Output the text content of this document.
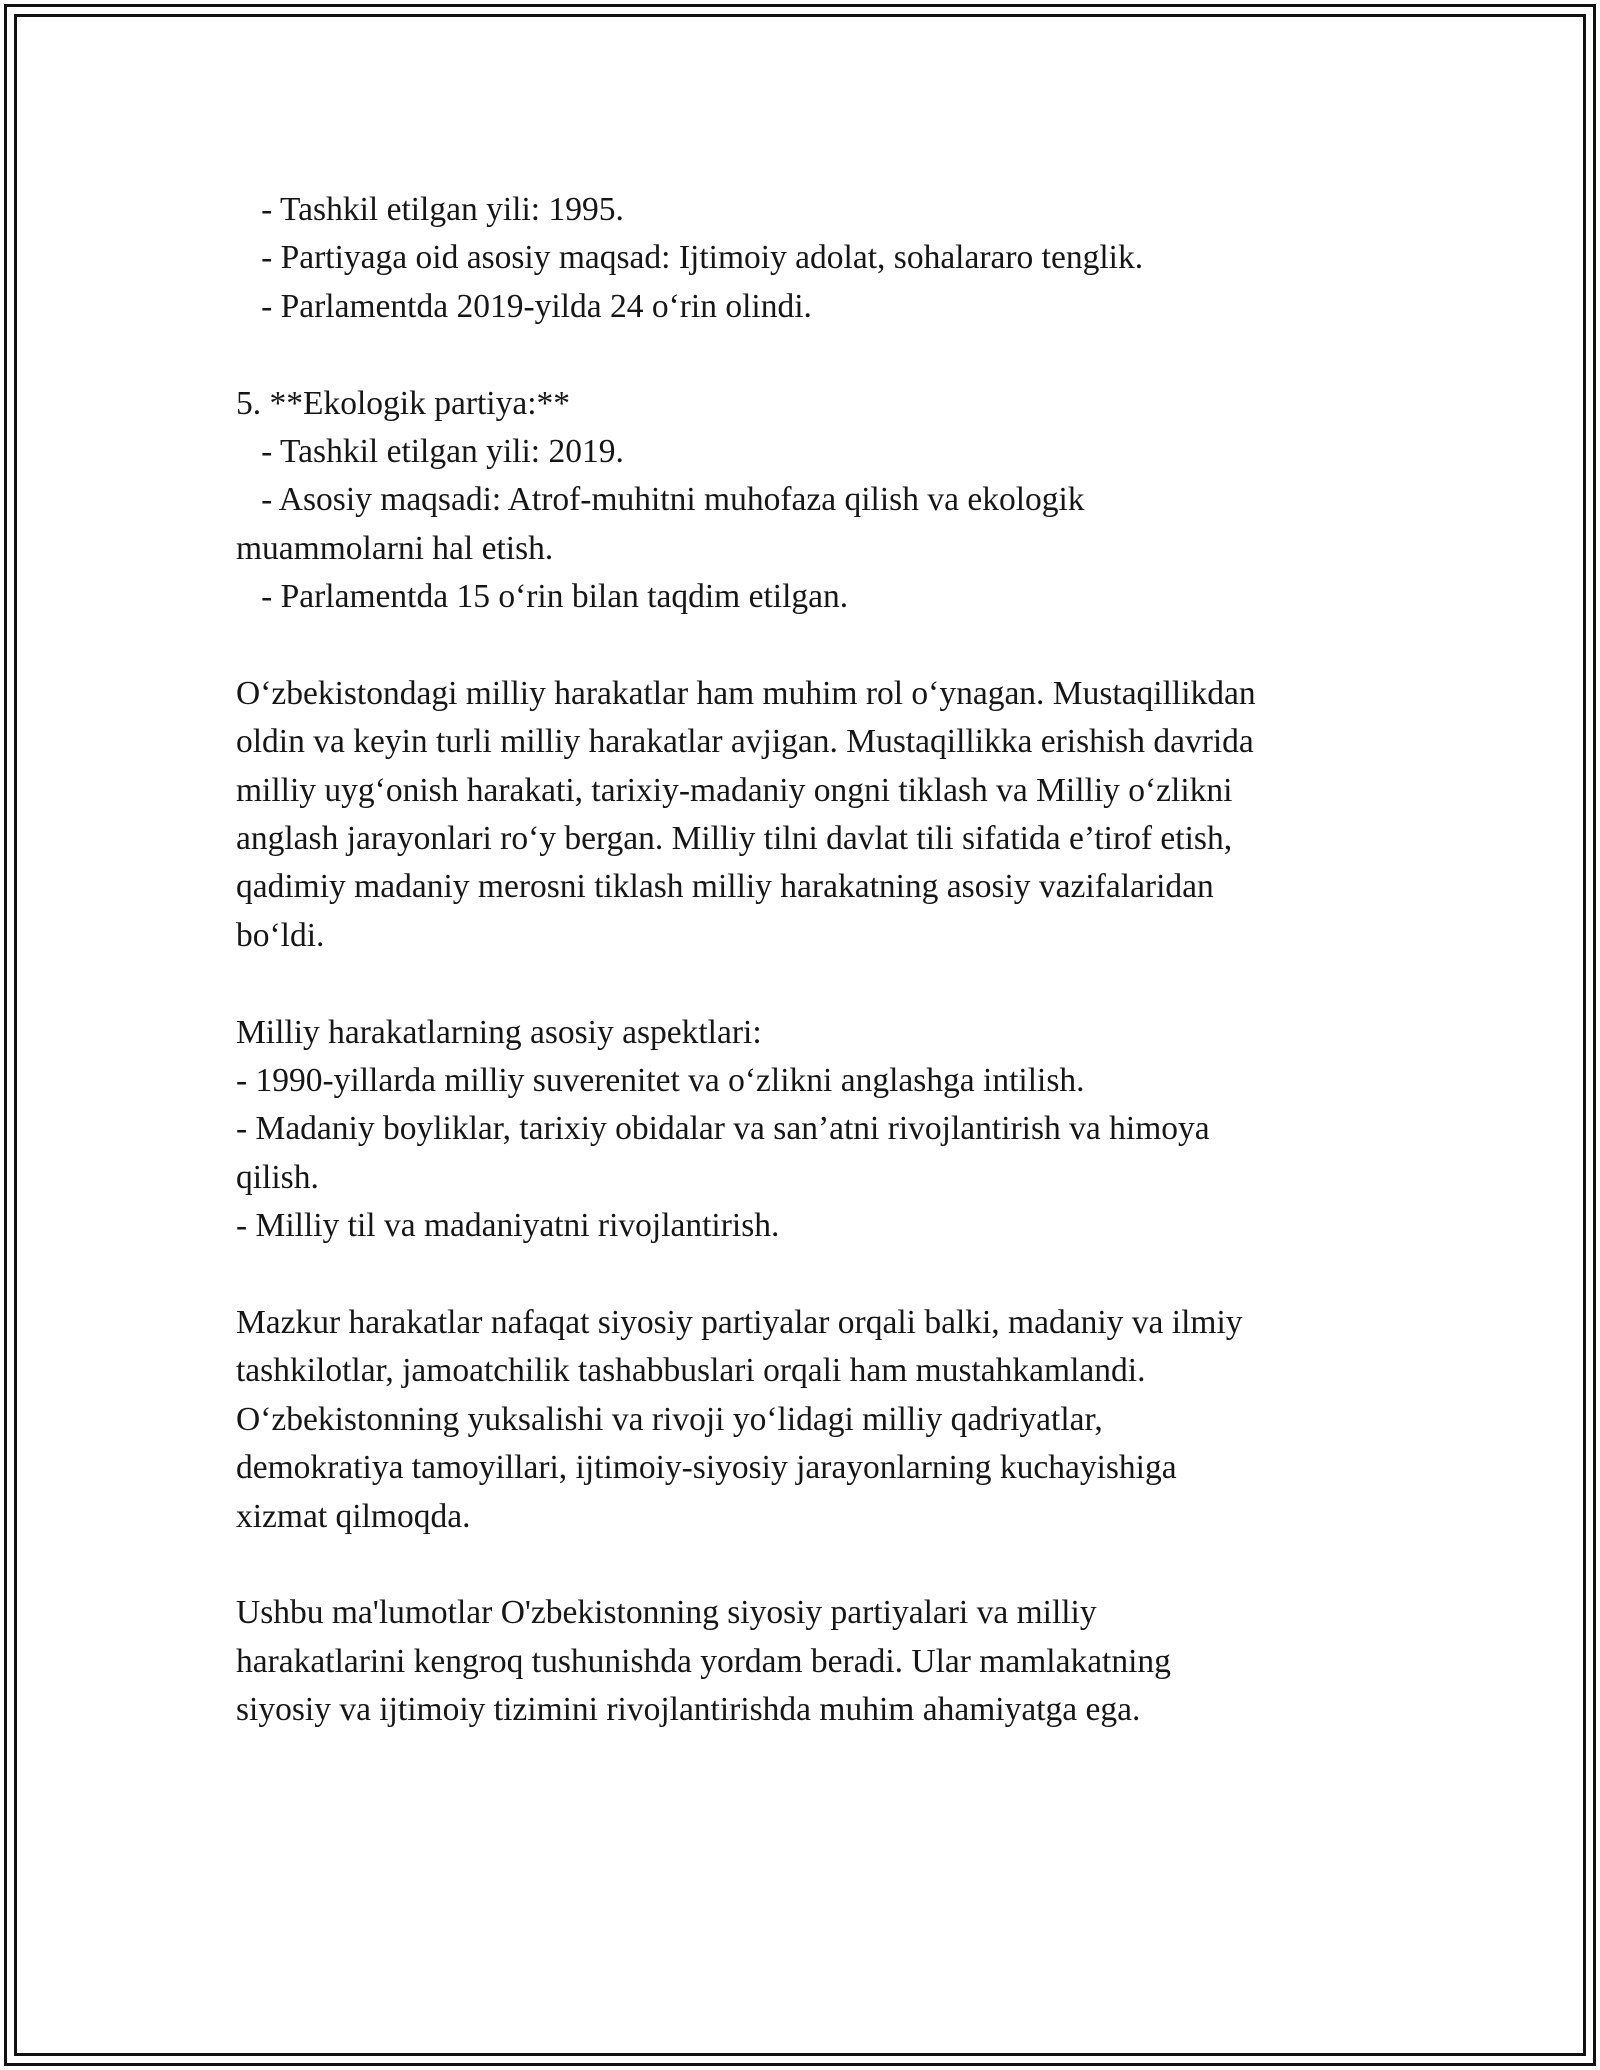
- Tashkil etilgan yili: 1995.
- Partiyaga oid asosiy maqsad: Ijtimoiy adolat, sohalararo tenglik.
- Parlamentda 2019-yilda 24 o‘rin olindi.
5. **Ekologik partiya:**
- Tashkil etilgan yili: 2019.
- Asosiy maqsadi: Atrof-muhitni muhofaza qilish va ekologik
muammolarni hal etish.
- Parlamentda 15 o‘rin bilan taqdim etilgan.
O‘zbekistondagi milliy harakatlar ham muhim rol o‘ynagan. Mustaqillikdan
oldin va keyin turli milliy harakatlar avjigan. Mustaqillikka erishish davrida
milliy uyg‘onish harakati, tarixiy-madaniy ongni tiklash va Milliy o‘zlikni
anglash jarayonlari ro‘y bergan. Milliy tilni davlat tili sifatida e’tirof etish,
qadimiy madaniy merosni tiklash milliy harakatning asosiy vazifalaridan
bo‘ldi.
Milliy harakatlarning asosiy aspektlari:
- 1990-yillarda milliy suverenitet va o‘zlikni anglashga intilish.
- Madaniy boyliklar, tarixiy obidalar va san’atni rivojlantirish va himoya
qilish.
- Milliy til va madaniyatni rivojlantirish.
Mazkur harakatlar nafaqat siyosiy partiyalar orqali balki, madaniy va ilmiy
tashkilotlar, jamoatchilik tashabbuslari orqali ham mustahkamlandi.
O‘zbekistonning yuksalishi va rivoji yo‘lidagi milliy qadriyatlar,
demokratiya tamoyillari, ijtimoiy-siyosiy jarayonlarning kuchayishiga
xizmat qilmoqda.
Ushbu ma'lumotlar O'zbekistonning siyosiy partiyalari va milliy
harakatlarini kengroq tushunishda yordam beradi. Ular mamlakatning
siyosiy va ijtimoiy tizimini rivojlantirishda muhim ahamiyatga ega.
